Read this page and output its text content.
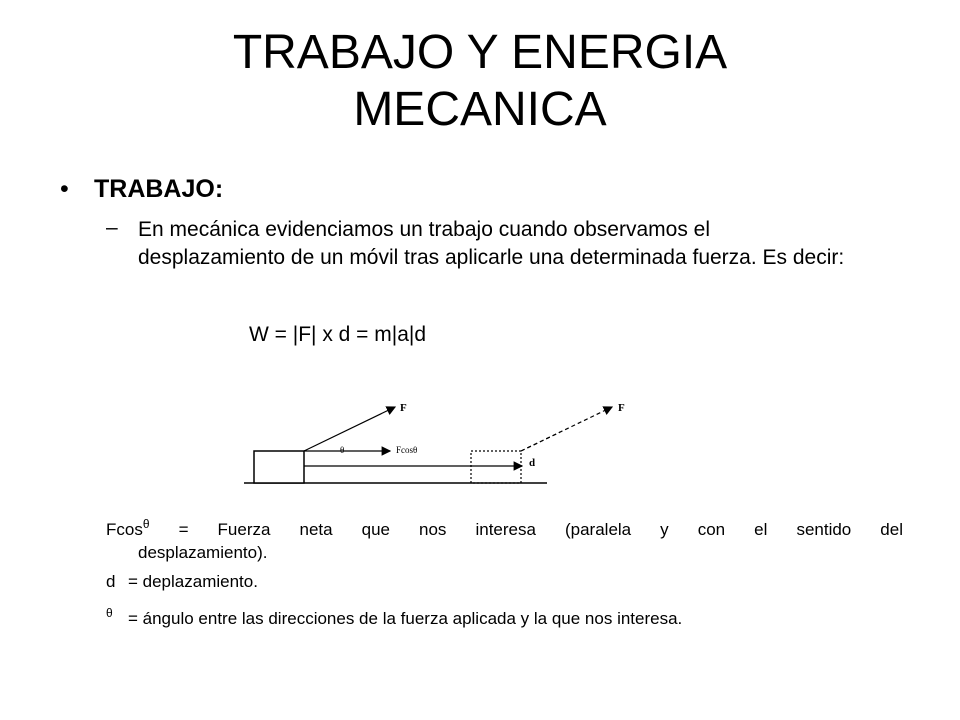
TRABAJO Y ENERGIA
MECANICA
• TRABAJO:
– En mecánica evidenciamos un trabajo cuando observamos el desplazamiento de un móvil tras aplicarle una determinada fuerza. Es decir:
W = |F| x d = m|a|d
F
θ	Fcosθ
d
F
Fcos$^\theta$ = Fuerza neta que nos interesa (paralela y con el sentido del
desplazamiento).
d = deplazamiento.
θ = ángulo entre las direcciones de la fuerza aplicada y la que nos interesa.
